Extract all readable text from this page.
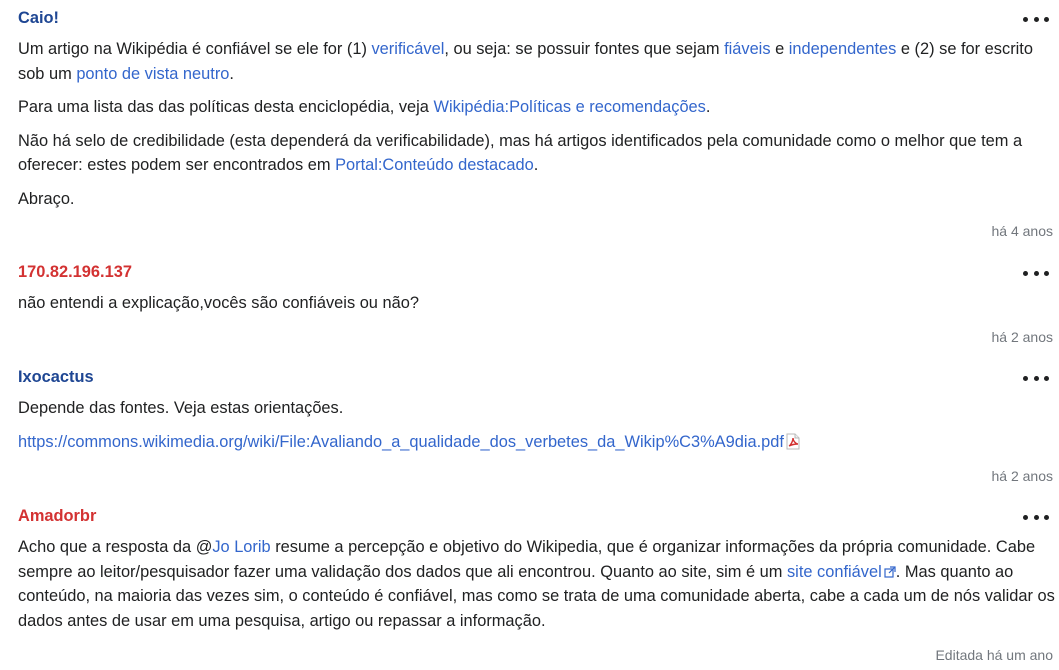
Caio!

Um artigo na Wikipédia é confiável se ele for (1) verificável, ou seja: se possuir fontes que sejam fiáveis e independentes e (2) se for escrito sob um ponto de vista neutro.

Para uma lista das das políticas desta enciclopédia, veja Wikipédia:Políticas e recomendações.

Não há selo de credibilidade (esta dependerá da verificabilidade), mas há artigos identificados pela comunidade como o melhor que tem a oferecer: estes podem ser encontrados em Portal:Conteúdo destacado.

Abraço.

há 4 anos
170.82.196.137

não entendi a explicação,vocês são confiáveis ou não?

há 2 anos
Ixocactus

Depende das fontes. Veja estas orientações.

https://commons.wikimedia.org/wiki/File:Avaliando_a_qualidade_dos_verbetes_da_Wikip%C3%A9dia.pdf

há 2 anos
Amadorbr

Acho que a resposta da @Jo Lorib resume a percepção e objetivo do Wikipedia, que é organizar informações da própria comunidade. Cabe sempre ao leitor/pesquisador fazer uma validação dos dados que ali encontrou. Quanto ao site, sim é um site confiável . Mas quanto ao conteúdo, na maioria das vezes sim, o conteúdo é confiável, mas como se trata de uma comunidade aberta, cabe a cada um de nós validar os dados antes de usar em uma pesquisa, artigo ou repassar a informação.

Editada há um ano
